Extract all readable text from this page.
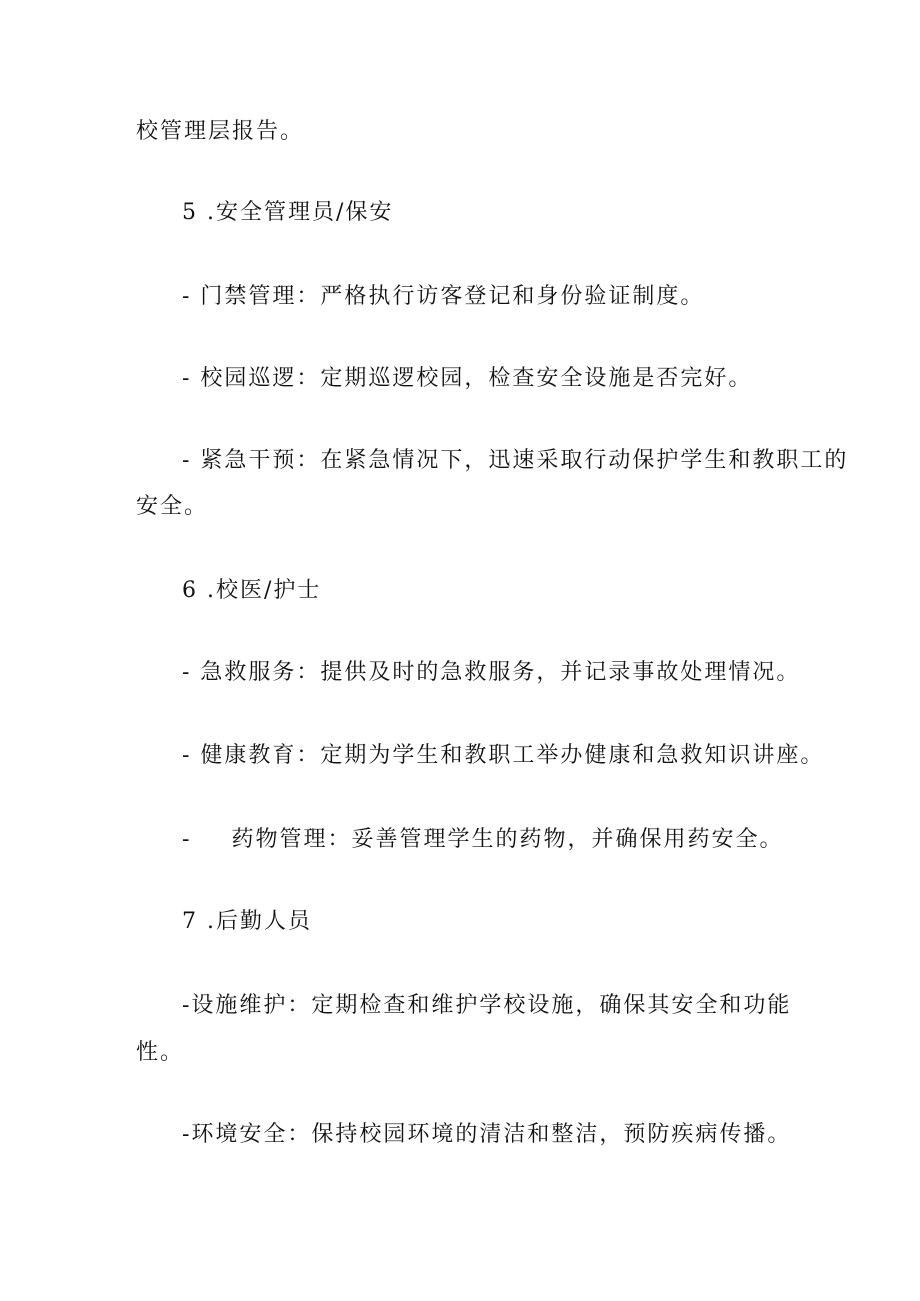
校管理层报告。
5 .安全管理员/保安
- 门禁管理：严格执行访客登记和身份验证制度。
- 校园巡逻：定期巡逻校园，检查安全设施是否完好。
- 紧急干预：在紧急情况下，迅速采取行动保护学生和教职工的
安全。
6 .校医/护士
- 急救服务：提供及时的急救服务，并记录事故处理情况。
- 健康教育：定期为学生和教职工举办健康和急救知识讲座。
- 药物管理：妥善管理学生的药物，并确保用药安全。
7 .后勤人员
-设施维护：定期检查和维护学校设施，确保其安全和功能
性。
-环境安全：保持校园环境的清洁和整洁，预防疾病传播。
